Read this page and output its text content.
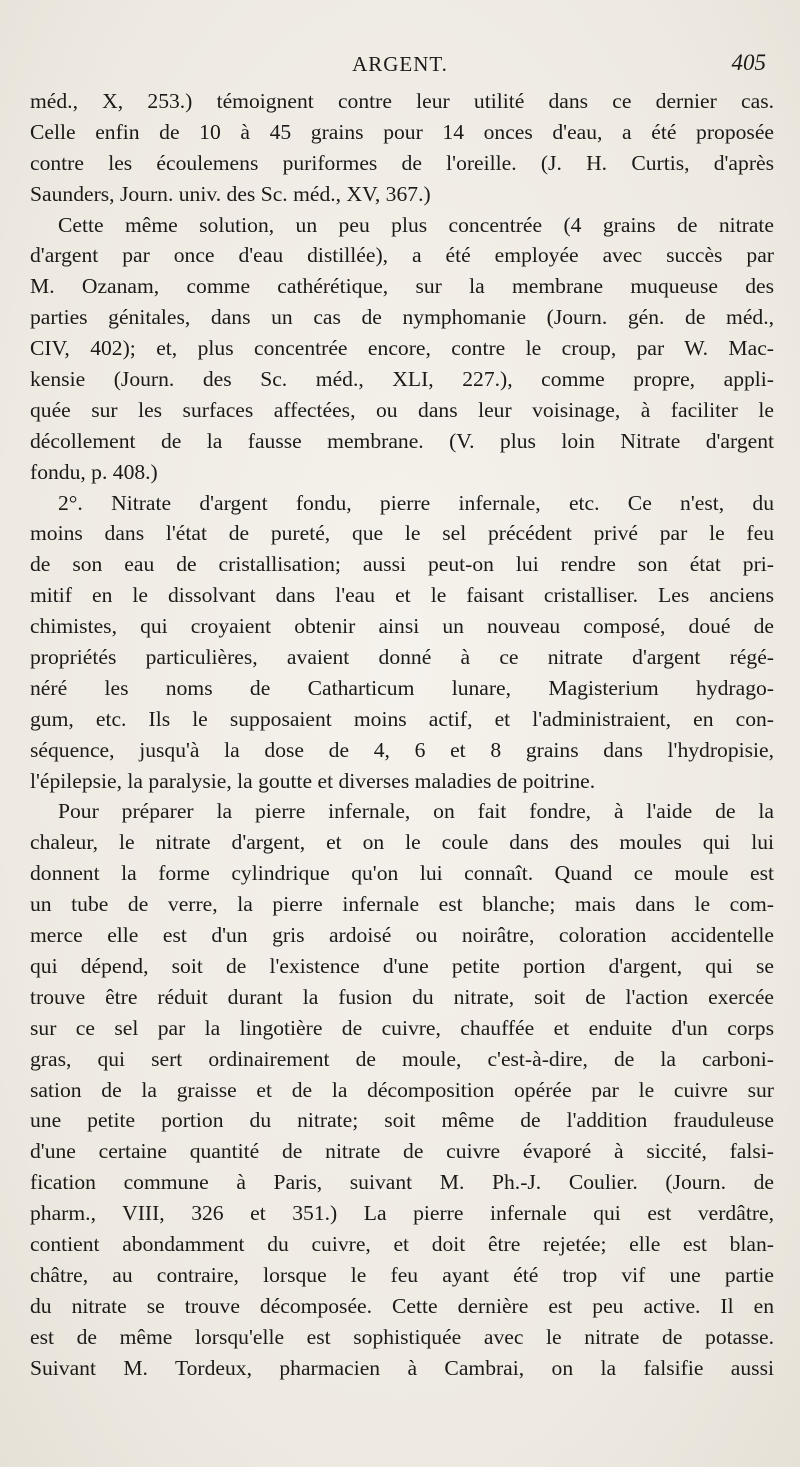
ARGENT.	405
méd., X, 253.) témoignent contre leur utilité dans ce dernier cas.
Celle enfin de 10 à 45 grains pour 14 onces d'eau, a été proposée
contre les écoulemens puriformes de l'oreille. (J. H. Curtis, d'après
Saunders, Journ. univ. des Sc. méd., XV, 367.)
Cette même solution, un peu plus concentrée (4 grains de nitrate
d'argent par once d'eau distillée), a été employée avec succès par
M. Ozanam, comme cathérétique, sur la membrane muqueuse des
parties génitales, dans un cas de nymphomanie (Journ. gén. de méd.,
CIV, 402); et, plus concentrée encore, contre le croup, par W. Mac-
kensie (Journ. des Sc. méd., XLI, 227.), comme propre, appli-
quée sur les surfaces affectées, ou dans leur voisinage, à faciliter le
décollement de la fausse membrane. (V. plus loin Nitrate d'argent
fondu, p. 408.)
2°. Nitrate d'argent fondu, pierre infernale, etc. Ce n'est, du
moins dans l'état de pureté, que le sel précédent privé par le feu
de son eau de cristallisation; aussi peut-on lui rendre son état pri-
mitif en le dissolvant dans l'eau et le faisant cristalliser. Les anciens
chimistes, qui croyaient obtenir ainsi un nouveau composé, doué de
propriétés particulières, avaient donné à ce nitrate d'argent régé-
néré les noms de Catharticum lunare, Magisterium hydrago-
gum, etc. Ils le supposaient moins actif, et l'administraient, en con-
séquence, jusqu'à la dose de 4, 6 et 8 grains dans l'hydropisie,
l'épilepsie, la paralysie, la goutte et diverses maladies de poitrine.
Pour préparer la pierre infernale, on fait fondre, à l'aide de la
chaleur, le nitrate d'argent, et on le coule dans des moules qui lui
donnent la forme cylindrique qu'on lui connaît. Quand ce moule est
un tube de verre, la pierre infernale est blanche; mais dans le com-
merce elle est d'un gris ardoisé ou noirâtre, coloration accidentelle
qui dépend, soit de l'existence d'une petite portion d'argent, qui se
trouve être réduit durant la fusion du nitrate, soit de l'action exercée
sur ce sel par la lingotière de cuivre, chauffée et enduite d'un corps
gras, qui sert ordinairement de moule, c'est-à-dire, de la carboni-
sation de la graisse et de la décomposition opérée par le cuivre sur
une petite portion du nitrate; soit même de l'addition frauduleuse
d'une certaine quantité de nitrate de cuivre évaporé à siccité, falsi-
fication commune à Paris, suivant M. Ph.-J. Coulier. (Journ. de
pharm., VIII, 326 et 351.) La pierre infernale qui est verdâtre,
contient abondamment du cuivre, et doit être rejetée; elle est blan-
châtre, au contraire, lorsque le feu ayant été trop vif une partie
du nitrate se trouve décomposée. Cette dernière est peu active. Il en
est de même lorsqu'elle est sophistiquée avec le nitrate de potasse.
Suivant M. Tordeux, pharmacien à Cambrai, on la falsifie aussi
